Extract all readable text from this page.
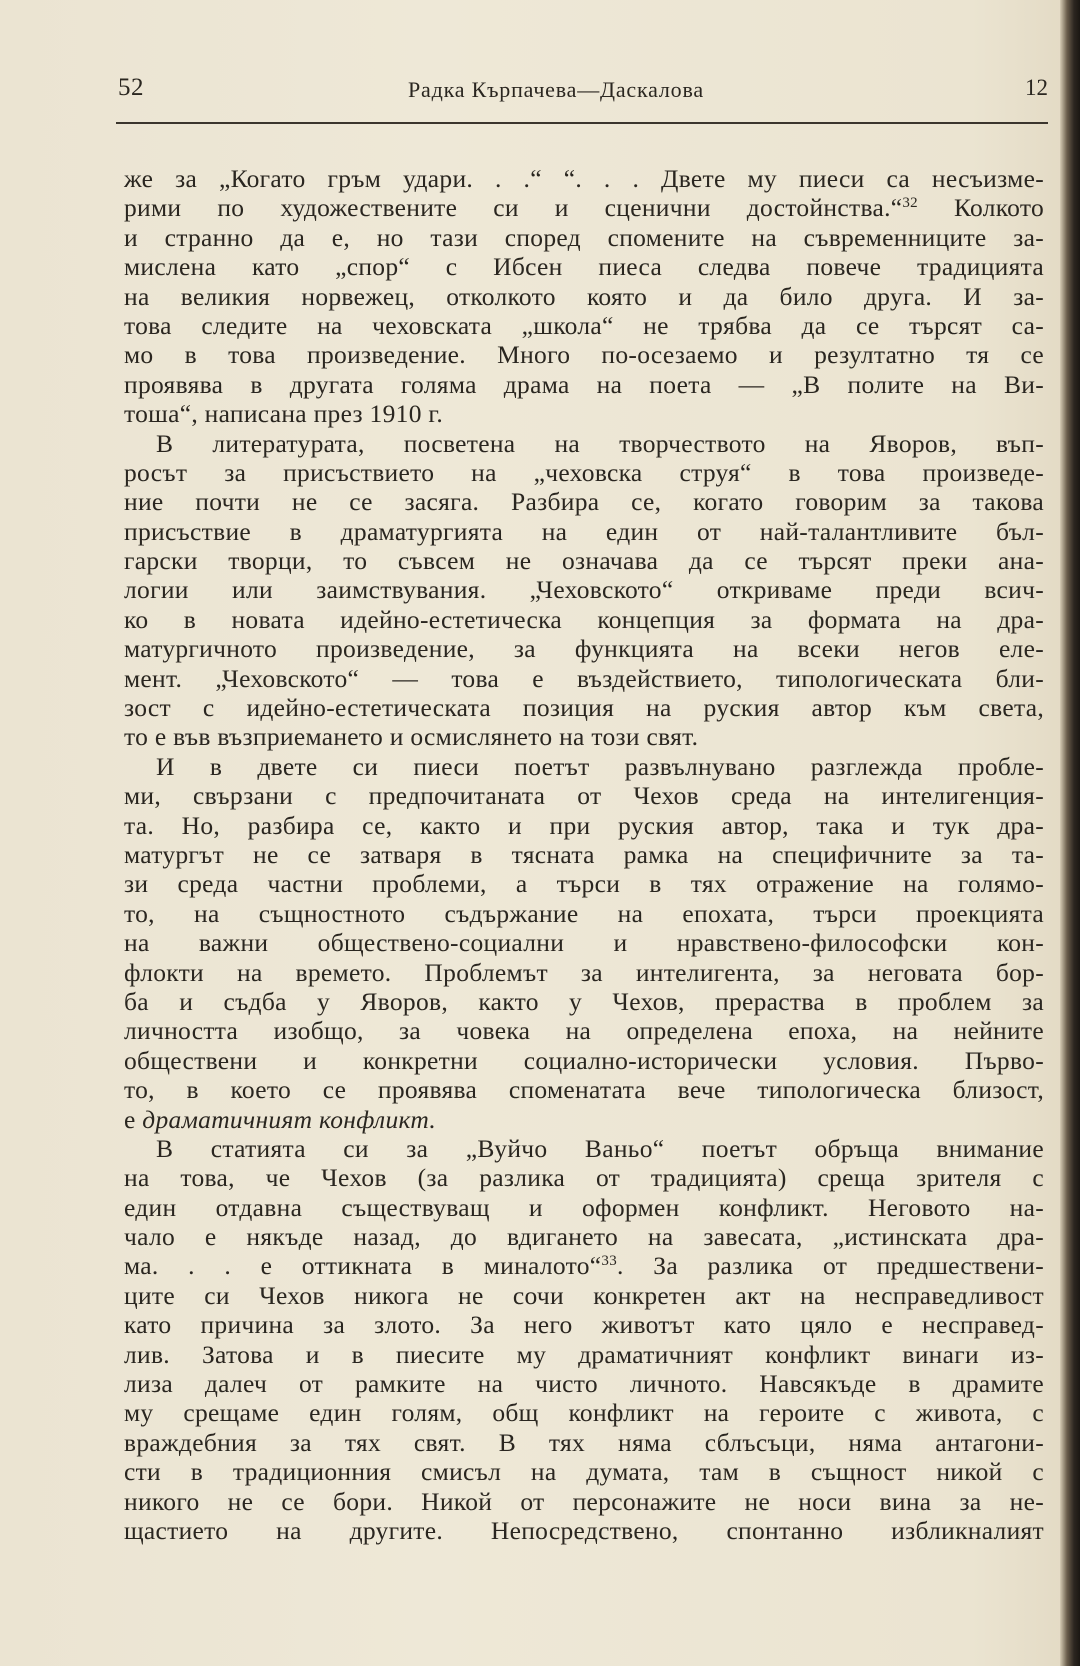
52	Радка Кърпачева—Даскалова	12
же за „Когато гръм удари. . .“ “. . . Двете му пиеси са несъизме-
рими по художествените си и сценични достойнства.“$^{32}$ Колкото
и странно да е, но тази според спомените на съвременниците за-
мислена като „спор“ с Ибсен пиеса следва повече традицията
на великия норвежец, отколкото която и да било друга. И за-
това следите на чеховската „школа“ не трябва да се търсят са-
мо в това произведение. Много по-осезаемо и резултатно тя се
проявява в другата голяма драма на поета — „В полите на Ви-
тоша“, написана през 1910 г.
В литературата, посветена на творчеството на Яворов, въп-
росът за присъствието на „чеховска струя“ в това произведе-
ние почти не се засяга. Разбира се, когато говорим за такова
присъствие в драматургията на един от най-талантливите бъл-
гарски творци, то съвсем не означава да се търсят преки ана-
логии или заимствувания. „Чеховското“ откриваме преди всич-
ко в новата идейно-естетическа концепция за формата на дра-
матургичното произведение, за функцията на всеки негов еле-
мент. „Чеховското“ — това е въздействието, типологическата бли-
зост с идейно-естетическата позиция на руския автор към света,
то е във възприемането и осмислянето на този свят.
И в двете си пиеси поетът развълнувано разглежда пробле-
ми, свързани с предпочитаната от Чехов среда на интелигенция-
та. Но, разбира се, както и при руския автор, така и тук дра-
матургът не се затваря в тясната рамка на специфичните за та-
зи среда частни проблеми, а търси в тях отражение на голямо-
то, на същностното съдържание на епохата, търси проекцията
на важни обществено-социални и нравствено-философски кон-
флокти на времето. Проблемът за интелигента, за неговата бор-
ба и съдба у Яворов, както у Чехов, прераства в проблем за
личността изобщо, за човека на определена епоха, на нейните
обществени и конкретни социално-исторически условия. Първо-
то, в което се проявява споменатата вече типологическа близост,
е драматичният конфликт.
В статията си за „Вуйчо Ваньо“ поетът обръща внимание
на това, че Чехов (за разлика от традицията) среща зрителя с
един отдавна съществуващ и оформен конфликт. Неговото на-
чало е някъде назад, до вдигането на завесата, „истинската дра-
ма. . . е оттикната в миналото“$^{33}$. За разлика от предшествени-
ците си Чехов никога не сочи конкретен акт на несправедливост
като причина за злото. За него животът като цяло е несправед-
лив. Затова и в пиесите му драматичният конфликт винаги из-
лиза далеч от рамките на чисто личното. Навсякъде в драмите
му срещаме един голям, общ конфликт на героите с живота, с
враждебния за тях свят. В тях няма сблъсъци, няма антагони-
сти в традиционния смисъл на думата, там в същност никой с
никого не се бори. Никой от персонажите не носи вина за не-
щастието на другите. Непосредствено, спонтанно избликналият
